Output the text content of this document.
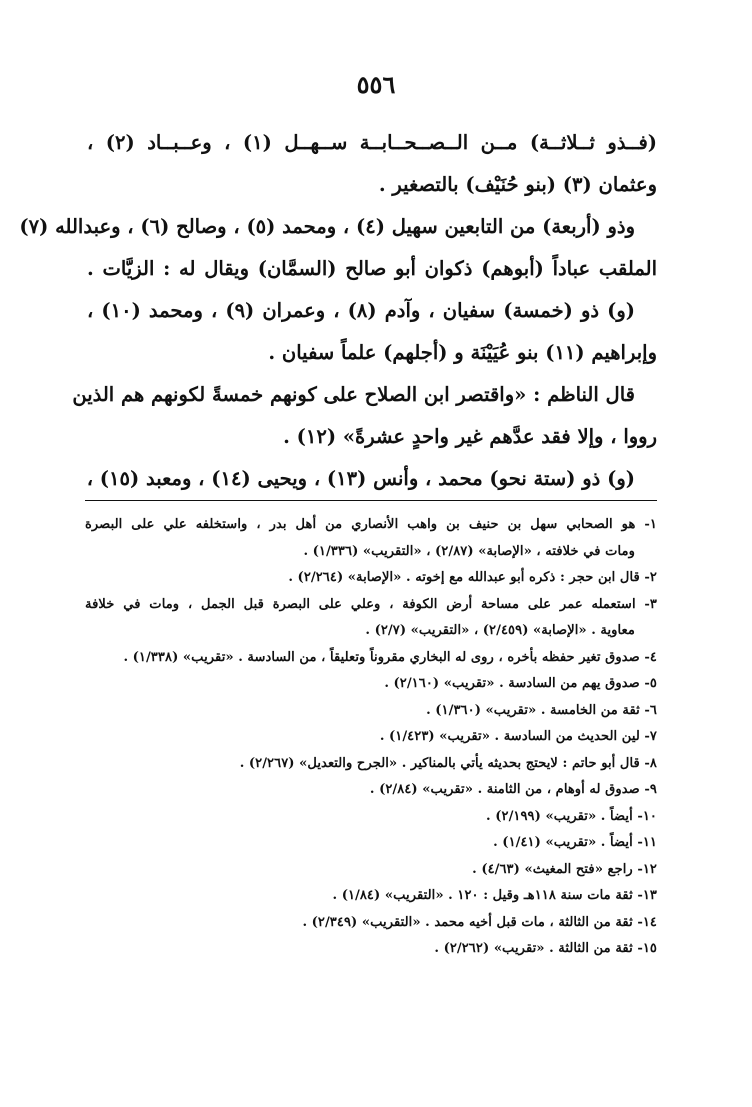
٥٥٦
(فــذو ثــلاثــة) مــن الــصــحــابــة ســهــل (١) ، وعــبــاد (٢) ،
وعثمان (٣) (بنو حُنَيْف) بالتصغير .
وذو (أربعة) من التابعين سهيل (٤) ، ومحمد (٥) ، وصالح (٦) ، وعبدالله (٧)
الملقب عباداً (أبوهم) ذكوان أبو صالح (السمَّان) ويقال له : الزيَّات .
(و) ذو (خمسة) سفيان ، وآدم (٨) ، وعمران (٩) ، ومحمد (١٠) ،
وإبراهيم (١١) بنو عُيَيْنَة و (أجلهم) علماً سفيان .
قال الناظم : «واقتصر ابن الصلاح على كونهم خمسةً لكونهم هم الذين
رووا ، وإلا فقد عدَّهم غير واحدٍ عشرةً» (١٢) .
(و) ذو (ستة نحو) محمد ، وأنس (١٣) ، ويحيى (١٤) ، ومعبد (١٥) ،
١- هو الصحابي سهل بن حنيف بن واهب الأنصاري من أهل بدر ، واستخلفه علي على البصرة
ومات في خلافته ، «الإصابة» (٢/٨٧) ، «التقريب» (١/٣٣٦) .
٢- قال ابن حجر : ذكره أبو عبدالله مع إخوته . «الإصابة» (٢/٢٦٤) .
٣- استعمله عمر على مساحة أرض الكوفة ، وعلي على البصرة قبل الجمل ، ومات في خلافة
معاوية . «الإصابة» (٢/٤٥٩) ، «التقريب» (٢/٧) .
٤- صدوق تغير حفظه بأخره ، روى له البخاري مقروناً وتعليقاً ، من السادسة . «تقريب» (١/٣٣٨) .
٥- صدوق يهم من السادسة . «تقريب» (٢/١٦٠) .
٦- ثقة من الخامسة . «تقريب» (١/٣٦٠) .
٧- لين الحديث من السادسة . «تقريب» (١/٤٢٣) .
٨- قال أبو حاتم : لايحتج بحديثه يأتي بالمناكير . «الجرح والتعديل» (٢/٢٦٧) .
٩- صدوق له أوهام ، من الثامنة . «تقريب» (٢/٨٤) .
١٠- أيضاً . «تقريب» (٢/١٩٩) .
١١- أيضاً . «تقريب» (١/٤١) .
١٢- راجع «فتح المغيث» (٤/٦٣) .
١٣- ثقة مات سنة ١١٨هـ وقيل : ١٢٠ . «التقريب» (١/٨٤) .
١٤- ثقة من الثالثة ، مات قبل أخيه محمد . «التقريب» (٢/٣٤٩) .
١٥- ثقة من الثالثة . «تقريب» (٢/٢٦٢) .
